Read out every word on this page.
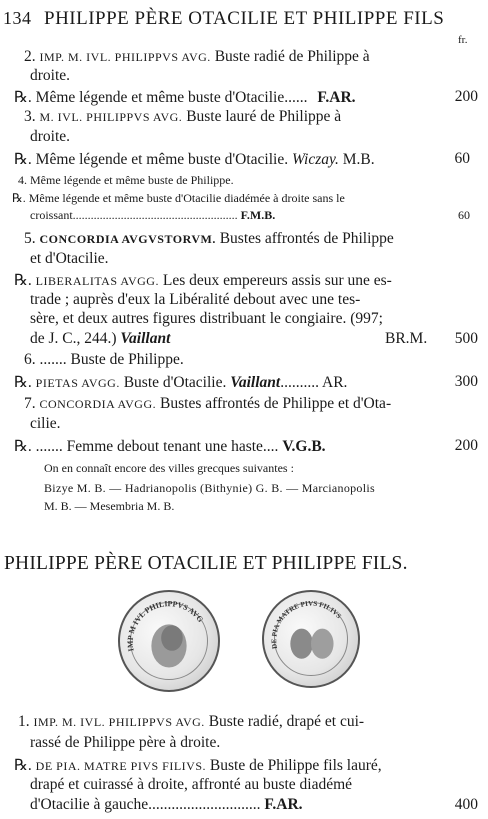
134 PHILIPPE PÈRE OTACILIE ET PHILIPPE FILS
fr.
2. IMP. M. IVL. PHILIPPVS AVG. Buste radié de Philippe à
droite.
℞. Même légende et même buste d'Otacilie...... F.AR.	200
3. M. IVL. PHILIPPVS AVG. Buste lauré de Philippe à
droite.
℞. Même légende et même buste d'Otacilie. Wiczay. M.B.	60
4. Même légende et même buste de Philippe.
℞. Même légende et même buste d'Otacilie diadémée à droite sans le
croissant....................................................... F.M.B.	60
5. CONCORDIA AVGVSTORVM. Bustes affrontés de Philippe
et d'Otacilie.
℞. LIBERALITAS AVGG. Les deux empereurs assis sur une es-
trade ; auprès d'eux la Libéralité debout avec une tes-
sère, et deux autres figures distribuant le congiaire. (997;
de J. C., 244.) Vaillant	BR.M. 500
6. ....... Buste de Philippe.
℞. PIETAS AVGG. Buste d'Otacilie. Vaillant.......... AR.	300
7. CONCORDIA AVGG. Bustes affrontés de Philippe et d'Ota-
cilie.
℞. ....... Femme debout tenant une haste.... V.G.B.	200
On en connaît encore des villes grecques suivantes :
Bizye M. B. — Hadrianopolis (Bithynie) G. B. — Marcianopolis
M. B. — Mesembria M. B.
PHILIPPE PÈRE OTACILIE ET PHILIPPE FILS.
IMP M IVL PHILIPPVS AVG
DE PIA MATRE PIVS FILIVS
1. IMP. M. IVL. PHILIPPVS AVG. Buste radié, drapé et cui-
rassé de Philippe père à droite.
℞. DE PIA. MATRE PIVS FILIVS. Buste de Philippe fils lauré,
drapé et cuirassé à droite, affronté au buste diadémé
d'Otacilie à gauche............................. F.AR.	400
